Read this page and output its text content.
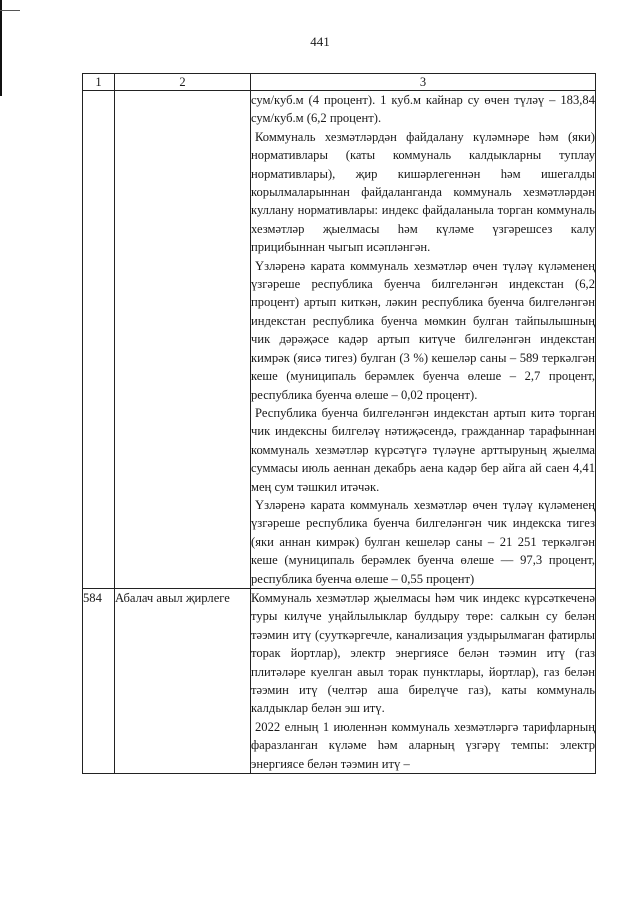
441
1	2	3

		сум/куб.м (4 процент). 1 куб.м кайнар су өчен түләү – 183,84 сум/куб.м (6,2 процент).
Коммуналь хезмәтләрдән файдалану күләмнәре һәм (яки) нормативлары (каты коммуналь калдыкларны туплау нормативлары), җир кишәрлегеннән һәм ишегалды корылмаларыннан файдаланганда коммуналь хезмәтләрдән куллану нормативлары: индекс файдаланыла торган коммуналь хезмәтләр җыелмасы һәм күләме үзгәрешсез калу прицибыннан чыгып исәпләнгән.
Үзләренә карата коммуналь хезмәтләр өчен түләү күләменең үзгәреше республика буенча билгеләнгән индекстан (6,2 процент) артып киткән, ләкин республика буенча билгеләнгән индекстан республика буенча мөмкин булган тайпылышның чик дәрәҗәсе кадәр артып китүче билгеләнгән индекстан кимрәк (яисә тигез) булган (3 %) кешеләр саны – 589 теркәлгән кеше (муниципаль берәмлек буенча өлеше – 2,7 процент, республика буенча өлеше – 0,02 процент).
Республика буенча билгеләнгән индекстан артып китә торган чик индексны билгеләү нәтиҗәсендә, гражданнар тарафыннан коммуналь хезмәтләр күрсәтүгә түләүне арттыруның җыелма суммасы июль аеннан декабрь аена кадәр бер айга ай саен 4,41 мең сум тәшкил итәчәк.
Үзләренә карата коммуналь хезмәтләр өчен түләү күләменең үзгәреше республика буенча билгеләнгән чик индекска тигез (яки аннан кимрәк) булган кешеләр саны – 21 251 теркәлгән кеше (муниципаль берәмлек буенча өлеше –– 97,3 процент, республика буенча өлеше – 0,55 процент)

584	Абалач авыл җирлеге	Коммуналь хезмәтләр җыелмасы һәм чик индекс күрсәткеченә туры килүче уңайлылыклар булдыру төре: салкын су белән тәэмин итү (сууткәргечле, канализация уздырылмаган фатирлы торак йортлар), электр энергиясе белән тәэмин итү (газ плитәләре куелган авыл торак пунктлары, йортлар), газ белән тәэмин итү (челтәр аша бирелүче газ), каты коммуналь калдыклар белән эш итү.
2022 елның 1 июленнән коммуналь хезмәтләргә тарифларның фаразланган күләме һәм аларның үзгәрү темпы: электр энергиясе белән тәэмин итү –
